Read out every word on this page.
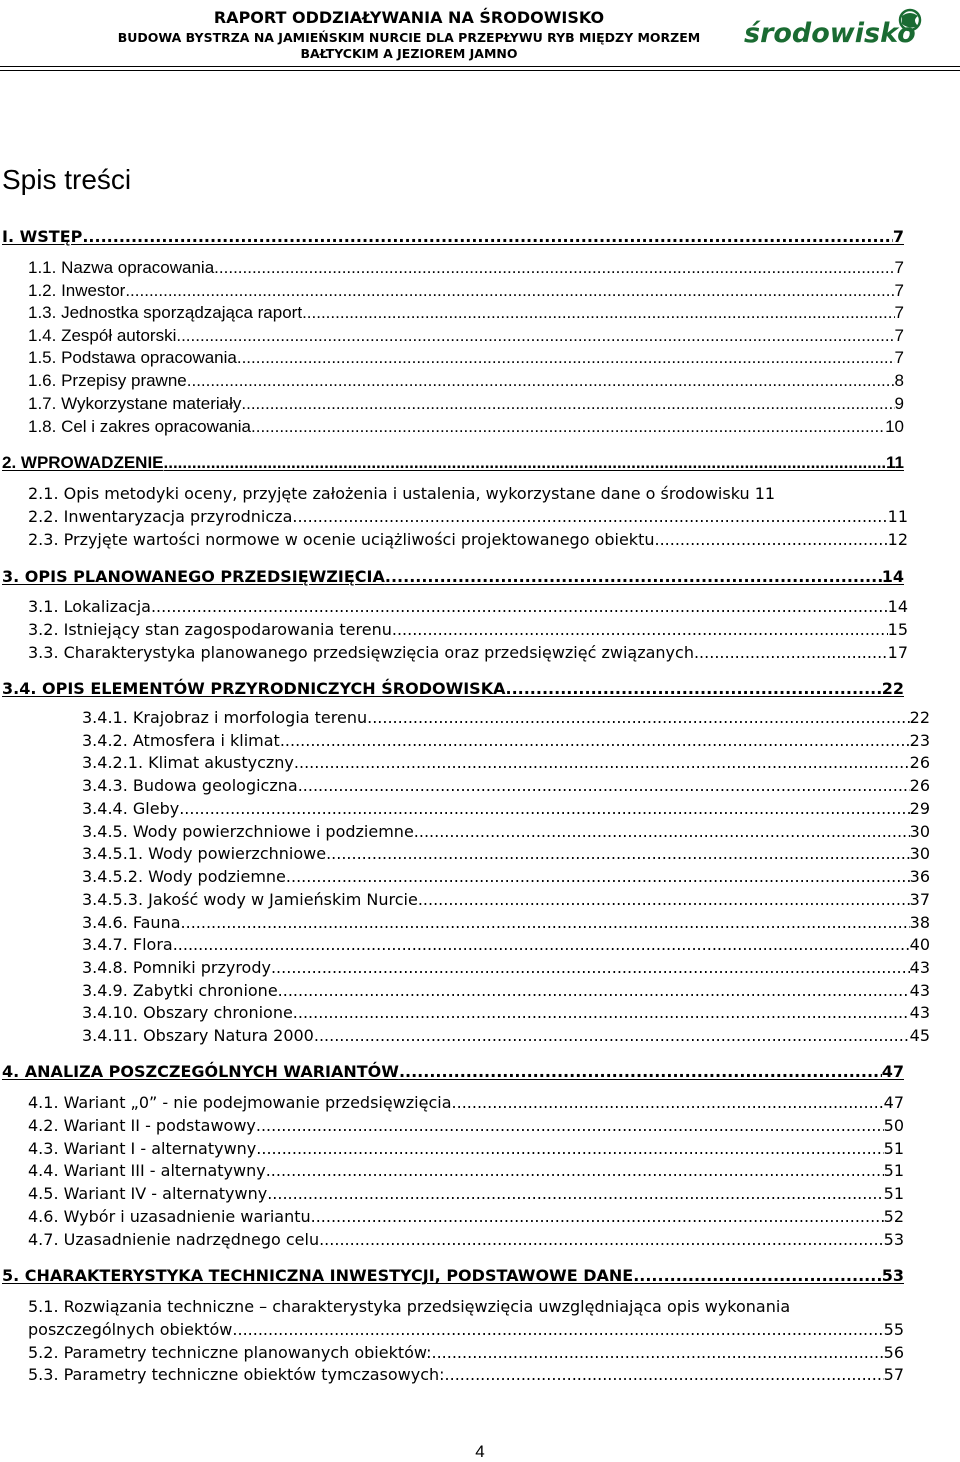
RAPORT ODDZIAŁYWANIA NA ŚRODOWISKO
BUDOWA BYSTRZA NA JAMIEŃSKIM NURCIE DLA PRZEPŁYWU RYB MIĘDZY MORZEM
BAŁTYCKIM A JEZIOREM JAMNO
środowisko
Spis treści
I. WSTĘP .....	7
1.1. Nazwa opracowania .....	7
1.2. Inwestor .....	7
1.3. Jednostka sporządzająca raport .....	7
1.4. Zespół autorski .....	7
1.5. Podstawa opracowania .....	7
1.6. Przepisy prawne .....	8
1.7. Wykorzystane materiały .....	9
1.8. Cel i zakres opracowania .....	10
2. WPROWADZENIE .....	11
2.1. Opis metodyki oceny, przyjęte założenia i ustalenia, wykorzystane dane o środowisku 11
2.2. Inwentaryzacja przyrodnicza .....	11
2.3. Przyjęte wartości normowe w ocenie uciążliwości projektowanego obiektu .....	12
3. OPIS PLANOWANEGO PRZEDSIĘWZIĘCIA .....	14
3.1. Lokalizacja .....	14
3.2. Istniejący stan zagospodarowania terenu .....	15
3.3. Charakterystyka planowanego przedsięwzięcia oraz przedsięwzięć związanych .....	17
3.4. OPIS ELEMENTÓW PRZYRODNICZYCH ŚRODOWISKA .....	22
3.4.1. Krajobraz i morfologia terenu .....	22
3.4.2. Atmosfera i klimat .....	23
3.4.2.1. Klimat akustyczny .....	26
3.4.3. Budowa geologiczna .....	26
3.4.4. Gleby .....	29
3.4.5. Wody powierzchniowe i podziemne .....	30
3.4.5.1. Wody powierzchniowe .....	30
3.4.5.2. Wody podziemne .....	36
3.4.5.3. Jakość wody w Jamieńskim Nurcie .....	37
3.4.6. Fauna .....	38
3.4.7. Flora .....	40
3.4.8. Pomniki przyrody .....	43
3.4.9. Zabytki chronione .....	43
3.4.10. Obszary chronione .....	43
3.4.11. Obszary Natura 2000 .....	45
4. ANALIZA POSZCZEGÓLNYCH WARIANTÓW .....	47
4.1. Wariant „0” - nie podejmowanie przedsięwzięcia .....	47
4.2. Wariant II - podstawowy .....	50
4.3. Wariant I - alternatywny .....	51
4.4. Wariant III - alternatywny .....	51
4.5. Wariant IV - alternatywny .....	51
4.6. Wybór i uzasadnienie wariantu .....	52
4.7. Uzasadnienie nadrzędnego celu .....	53
5. CHARAKTERYSTYKA TECHNICZNA INWESTYCJI, PODSTAWOWE DANE .....	53
5.1. Rozwiązania techniczne – charakterystyka przedsięwzięcia uwzględniająca opis wykonania
poszczególnych obiektów .....	55
5.2. Parametry techniczne planowanych obiektów: .....	56
5.3. Parametry techniczne obiektów tymczasowych: .....	57
4
